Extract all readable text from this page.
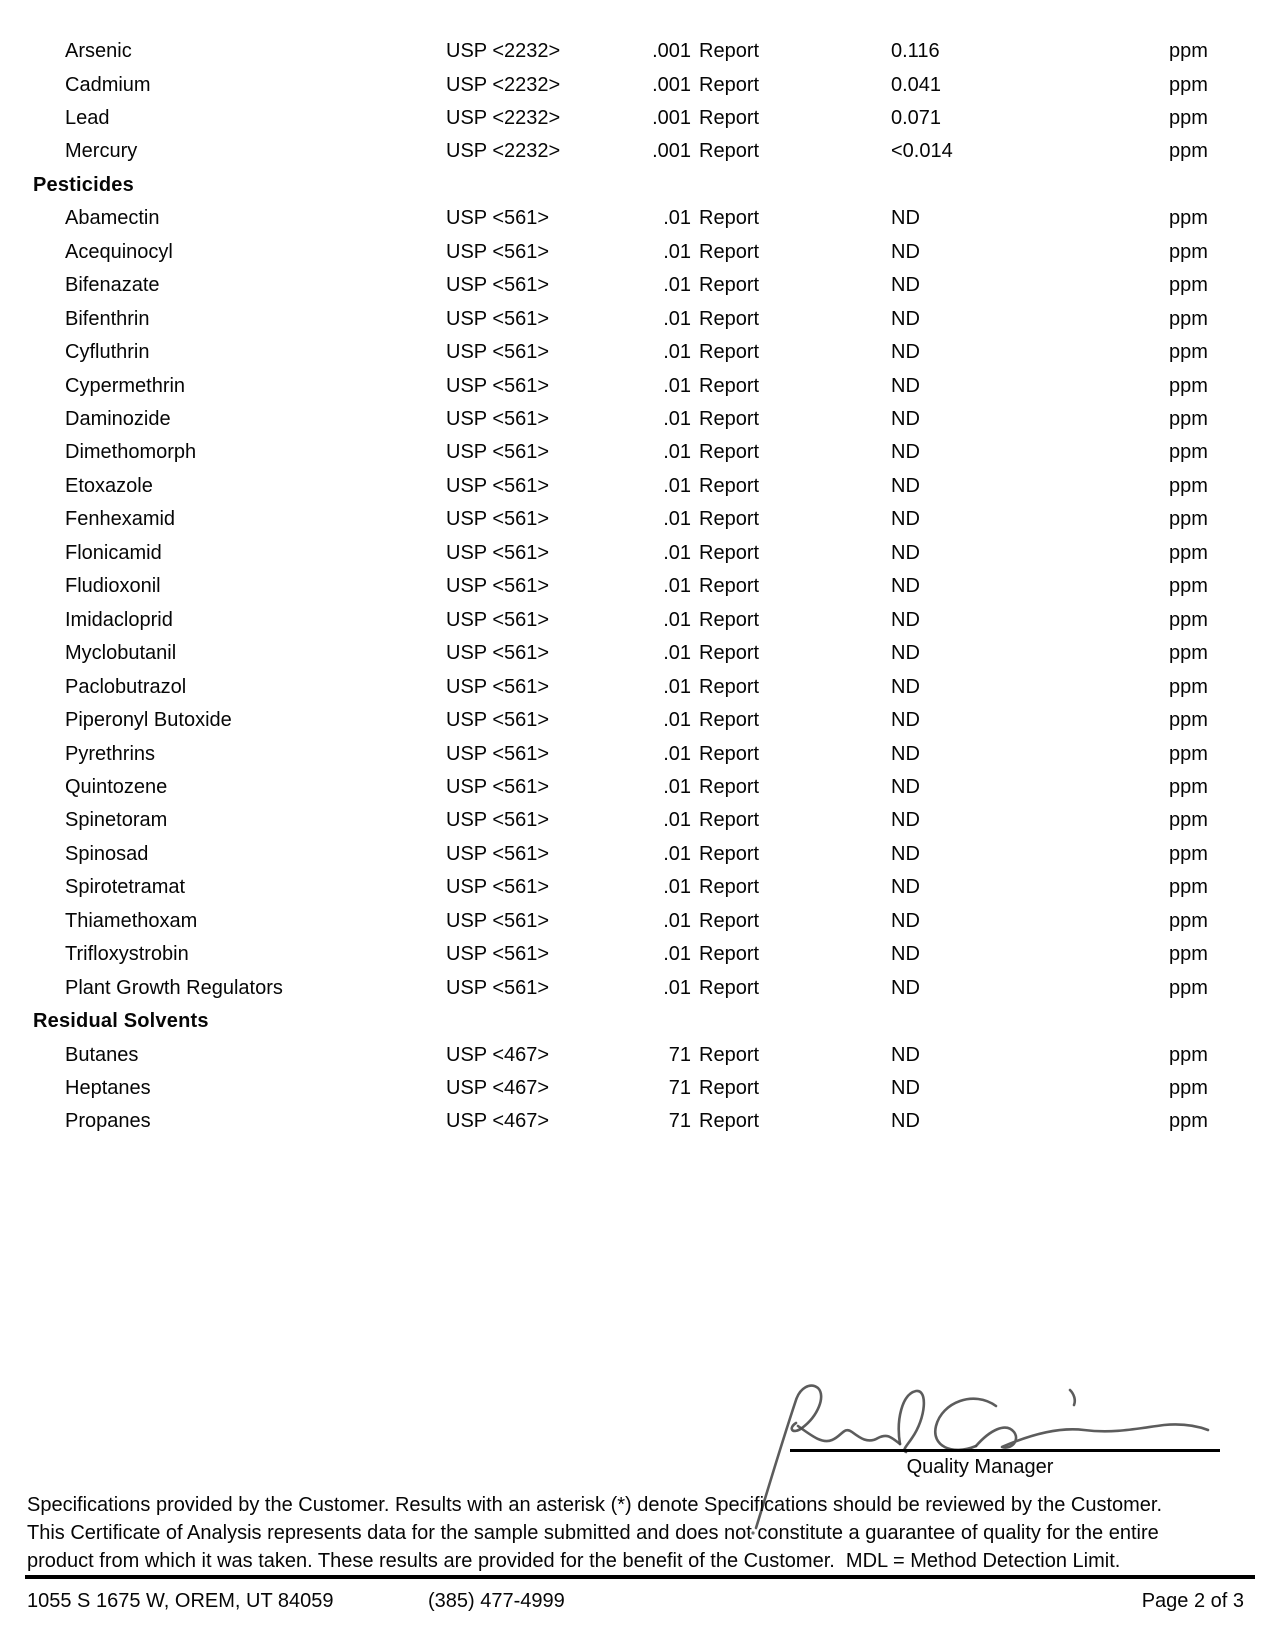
Arsenic	USP <2232>	.001 Report	0.116	ppm
Cadmium	USP <2232>	.001 Report	0.041	ppm
Lead	USP <2232>	.001 Report	0.071	ppm
Mercury	USP <2232>	.001 Report	<0.014	ppm
Pesticides
Abamectin	USP <561>	.01 Report	ND	ppm
Acequinocyl	USP <561>	.01 Report	ND	ppm
Bifenazate	USP <561>	.01 Report	ND	ppm
Bifenthrin	USP <561>	.01 Report	ND	ppm
Cyfluthrin	USP <561>	.01 Report	ND	ppm
Cypermethrin	USP <561>	.01 Report	ND	ppm
Daminozide	USP <561>	.01 Report	ND	ppm
Dimethomorph	USP <561>	.01 Report	ND	ppm
Etoxazole	USP <561>	.01 Report	ND	ppm
Fenhexamid	USP <561>	.01 Report	ND	ppm
Flonicamid	USP <561>	.01 Report	ND	ppm
Fludioxonil	USP <561>	.01 Report	ND	ppm
Imidacloprid	USP <561>	.01 Report	ND	ppm
Myclobutanil	USP <561>	.01 Report	ND	ppm
Paclobutrazol	USP <561>	.01 Report	ND	ppm
Piperonyl Butoxide	USP <561>	.01 Report	ND	ppm
Pyrethrins	USP <561>	.01 Report	ND	ppm
Quintozene	USP <561>	.01 Report	ND	ppm
Spinetoram	USP <561>	.01 Report	ND	ppm
Spinosad	USP <561>	.01 Report	ND	ppm
Spirotetramat	USP <561>	.01 Report	ND	ppm
Thiamethoxam	USP <561>	.01 Report	ND	ppm
Trifloxystrobin	USP <561>	.01 Report	ND	ppm
Plant Growth Regulators	USP <561>	.01 Report	ND	ppm
Residual Solvents
Butanes	USP <467>	71 Report	ND	ppm
Heptanes	USP <467>	71 Report	ND	ppm
Propanes	USP <467>	71 Report	ND	ppm
Quality Manager
Specifications provided by the Customer. Results with an asterisk (*) denote Specifications should be reviewed by the Customer.
This Certificate of Analysis represents data for the sample submitted and does not constitute a guarantee of quality for the entire
product from which it was taken. These results are provided for the benefit of the Customer.  MDL = Method Detection Limit.
1055 S 1675 W, OREM, UT 84059	(385) 477-4999	Page 2 of 3
